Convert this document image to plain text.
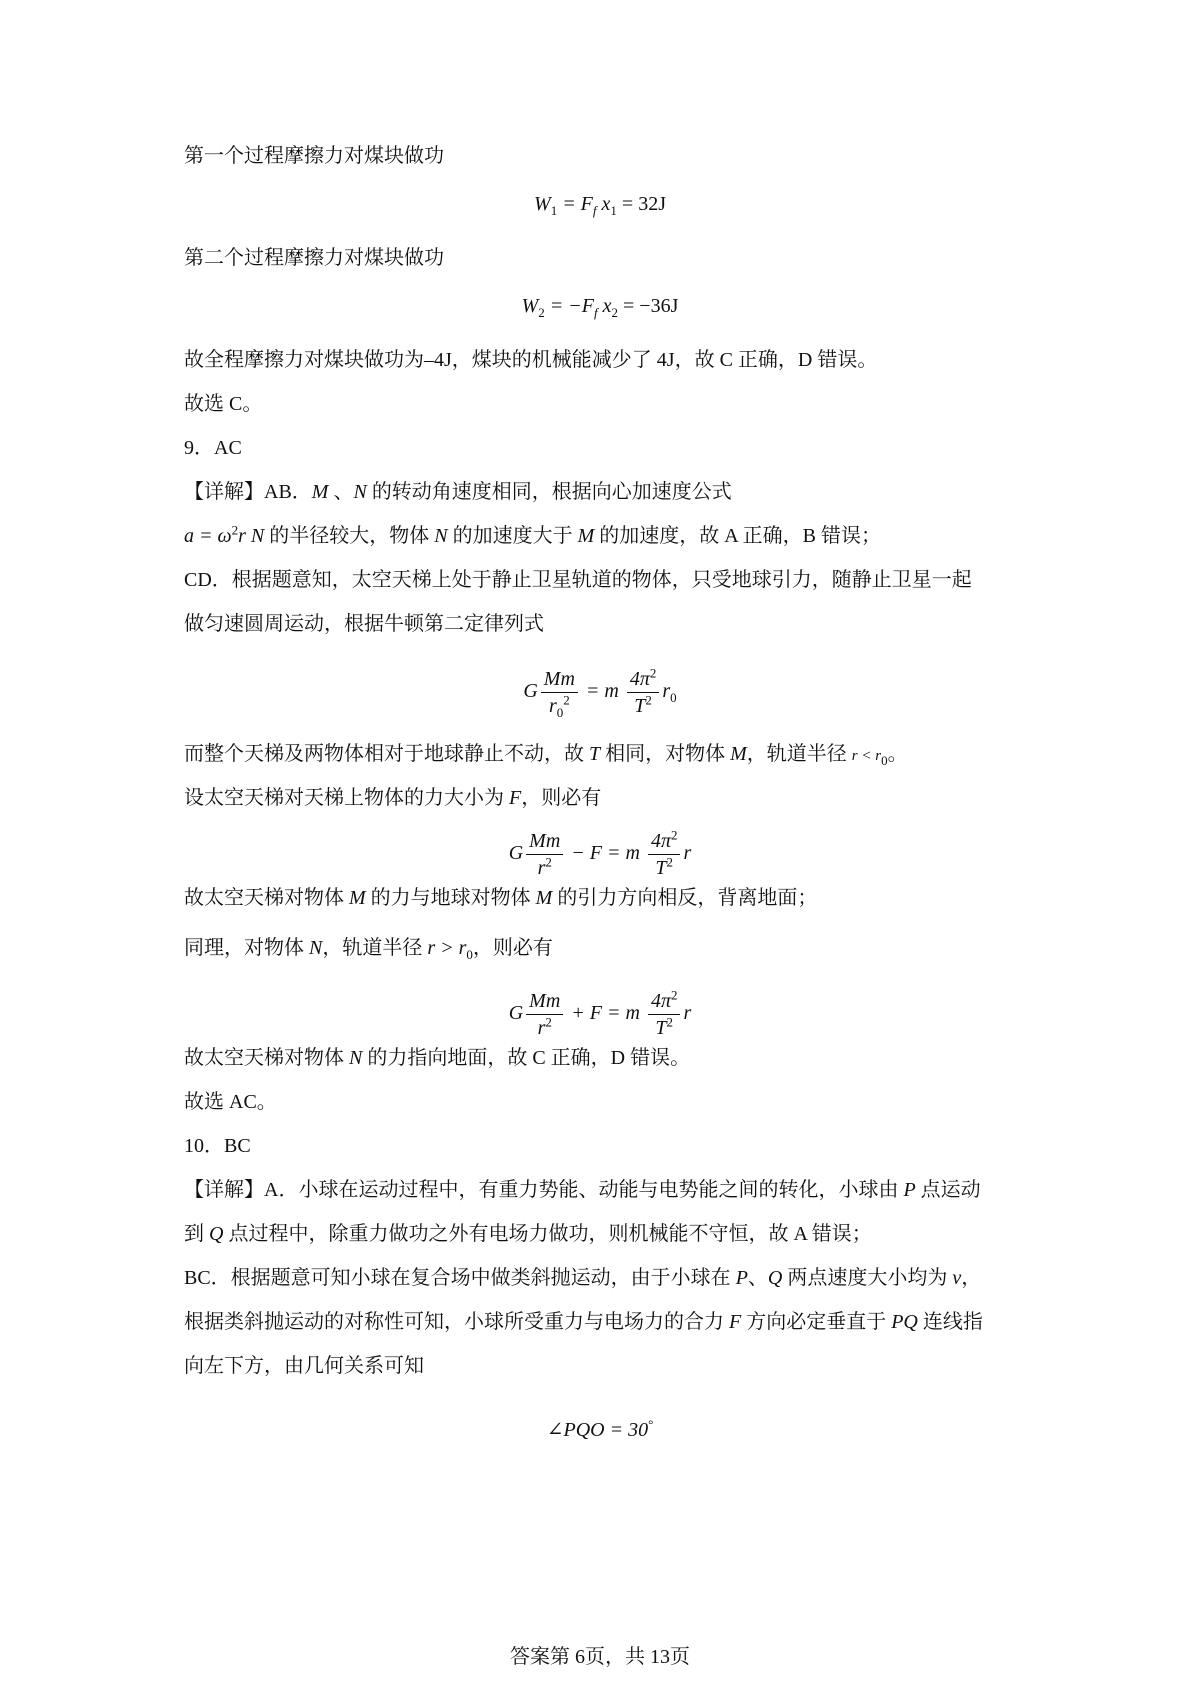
第一个过程摩擦力对煤块做功
$W_1 = F_f$ $x_1 = 32J$
第二个过程摩擦力对煤块做功
$W_2 = -F_f$ $x_2 = -36J$
故全程摩擦力对煤块做功为–4J，煤块的机械能减少了 4J，故 C 正确，D 错误。
故选 C。
9．AC
【详解】AB．M 、N 的转动角速度相同，根据向心加速度公式
$a = \omega^2r$ N 的半径较大，物体 N 的加速度大于 M 的加速度，故 A 正确，B 错误；
CD．根据题意知，太空天梯上处于静止卫星轨道的物体，只受地球引力，随静止卫星一起
做匀速圆周运动，根据牛顿第二定律列式
G $\frac{Mm}{r_0^2} = m \frac{4\pi^2}{T^2} r_0$
而整个天梯及两物体相对于地球静止不动，故 T 相同，对物体 M，轨道半径 $r < r_0$。
设太空天梯对天梯上物体的力大小为 F，则必有
G $\frac{Mm}{r^2} - F = m \frac{4\pi^2}{T^2}$ r
故太空天梯对物体 M 的力与地球对物体 M 的引力方向相反，背离地面；
同理，对物体 N，轨道半径 $r > r_0$，则必有
G $\frac{Mm}{r^2} + F = m \frac{4\pi^2}{T^2}$ r
故太空天梯对物体 N 的力指向地面，故 C 正确，D 错误。
故选 AC。
10．BC
【详解】A．小球在运动过程中，有重力势能、动能与电势能之间的转化，小球由 P 点运动
到 Q 点过程中，除重力做功之外有电场力做功，则机械能不守恒，故 A 错误；
BC．根据题意可知小球在复合场中做类斜抛运动，由于小球在 P、Q 两点速度大小均为 v，
根据类斜抛运动的对称性可知，小球所受重力与电场力的合力 F 方向必定垂直于 PQ 连线指
向左下方，由几何关系可知
∠PQO = 30°
答案第 6页，共 13页
